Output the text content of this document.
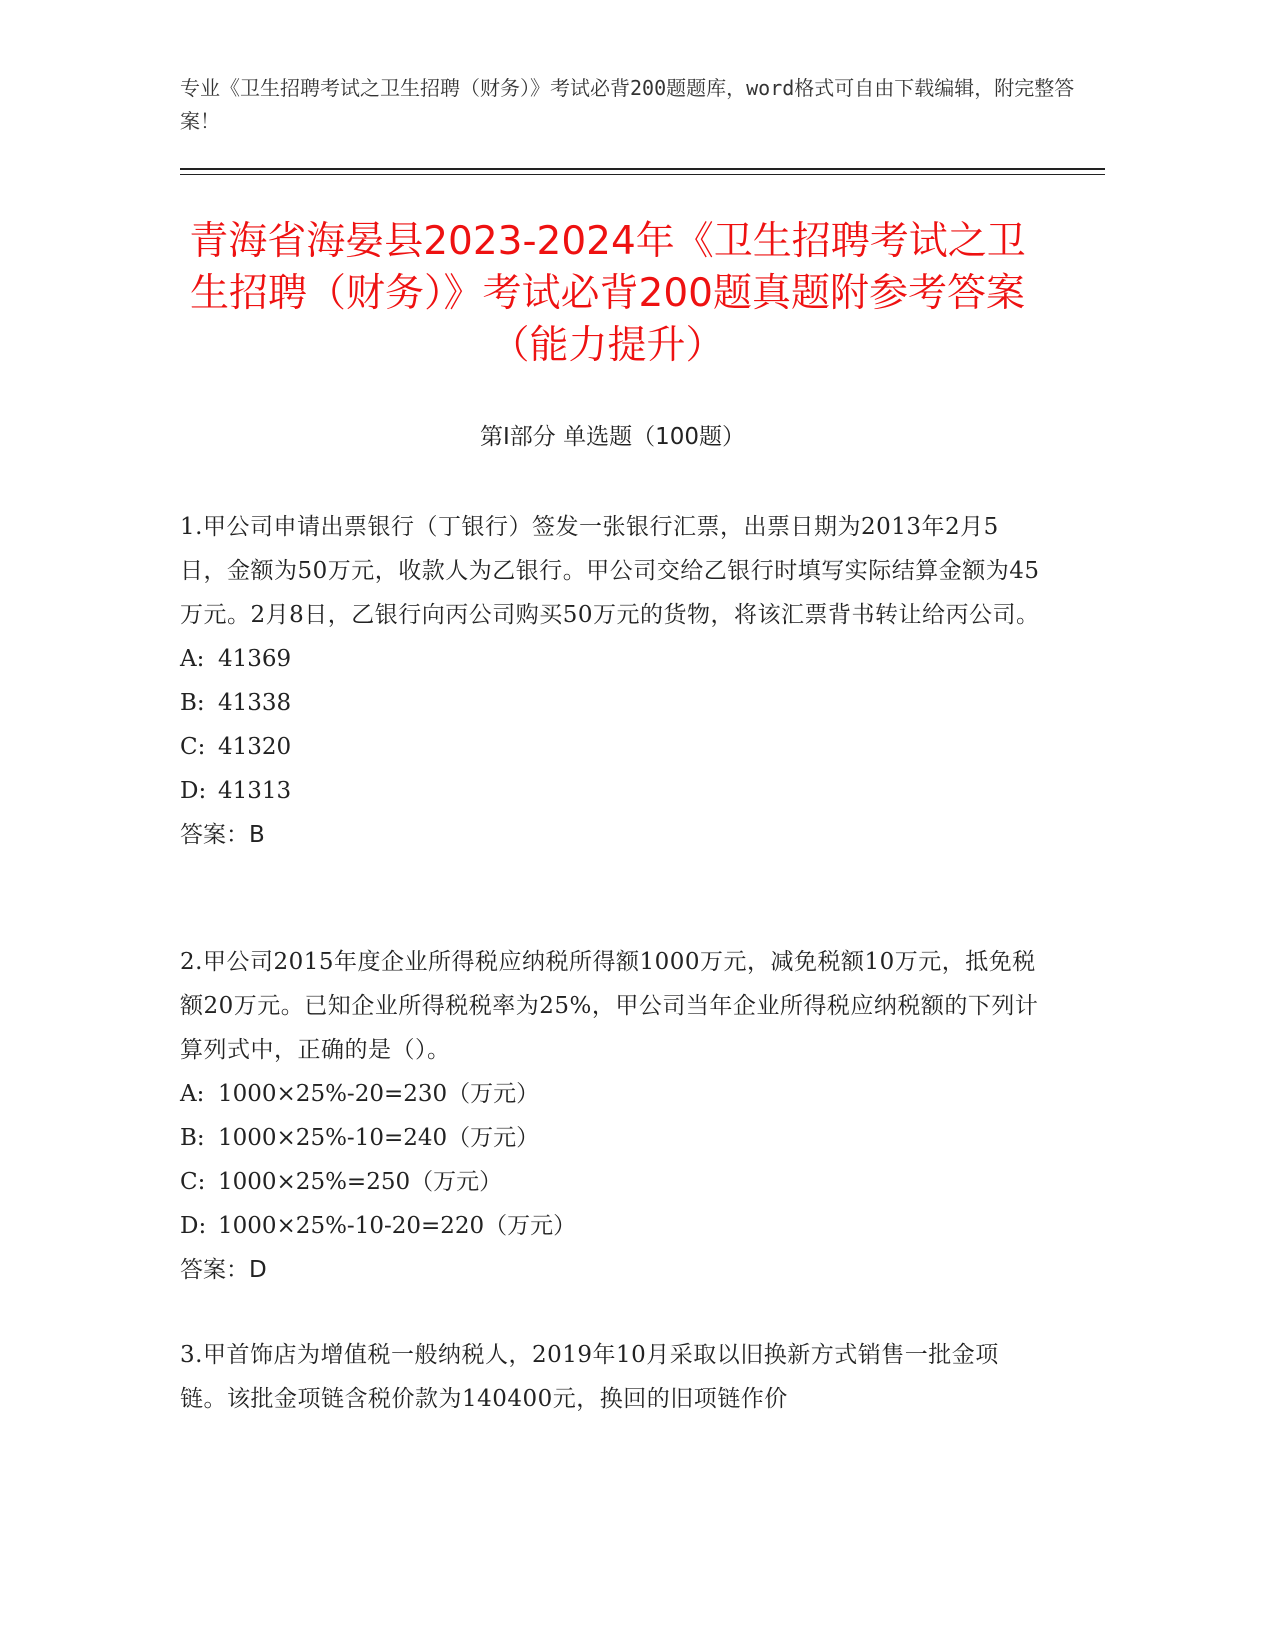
专业《卫生招聘考试之卫生招聘（财务）》考试必背200题题库，word格式可自由下载编辑，附完整答案！
青海省海晏县2023-2024年《卫生招聘考试之卫生招聘（财务）》考试必背200题真题附参考答案（能力提升）
第Ⅰ部分 单选题（100题）
1.甲公司申请出票银行（丁银行）签发一张银行汇票，出票日期为2013年2月5日，金额为50万元，收款人为乙银行。甲公司交给乙银行时填写实际结算金额为45万元。2月8日，乙银行向丙公司购买50万元的货物，将该汇票背书转让给丙公司。
A: 41369
B: 41338
C: 41320
D: 41313
答案：B
2.甲公司2015年度企业所得税应纳税所得额1000万元，减免税额10万元，抵免税额20万元。已知企业所得税税率为25%，甲公司当年企业所得税应纳税额的下列计算列式中，正确的是（）。
A: 1000×25%-20=230（万元）
B: 1000×25%-10=240（万元）
C: 1000×25%=250（万元）
D: 1000×25%-10-20=220（万元）
答案：D
3.甲首饰店为增值税一般纳税人，2019年10月采取以旧换新方式销售一批金项链。该批金项链含税价款为140400元，换回的旧项链作价
